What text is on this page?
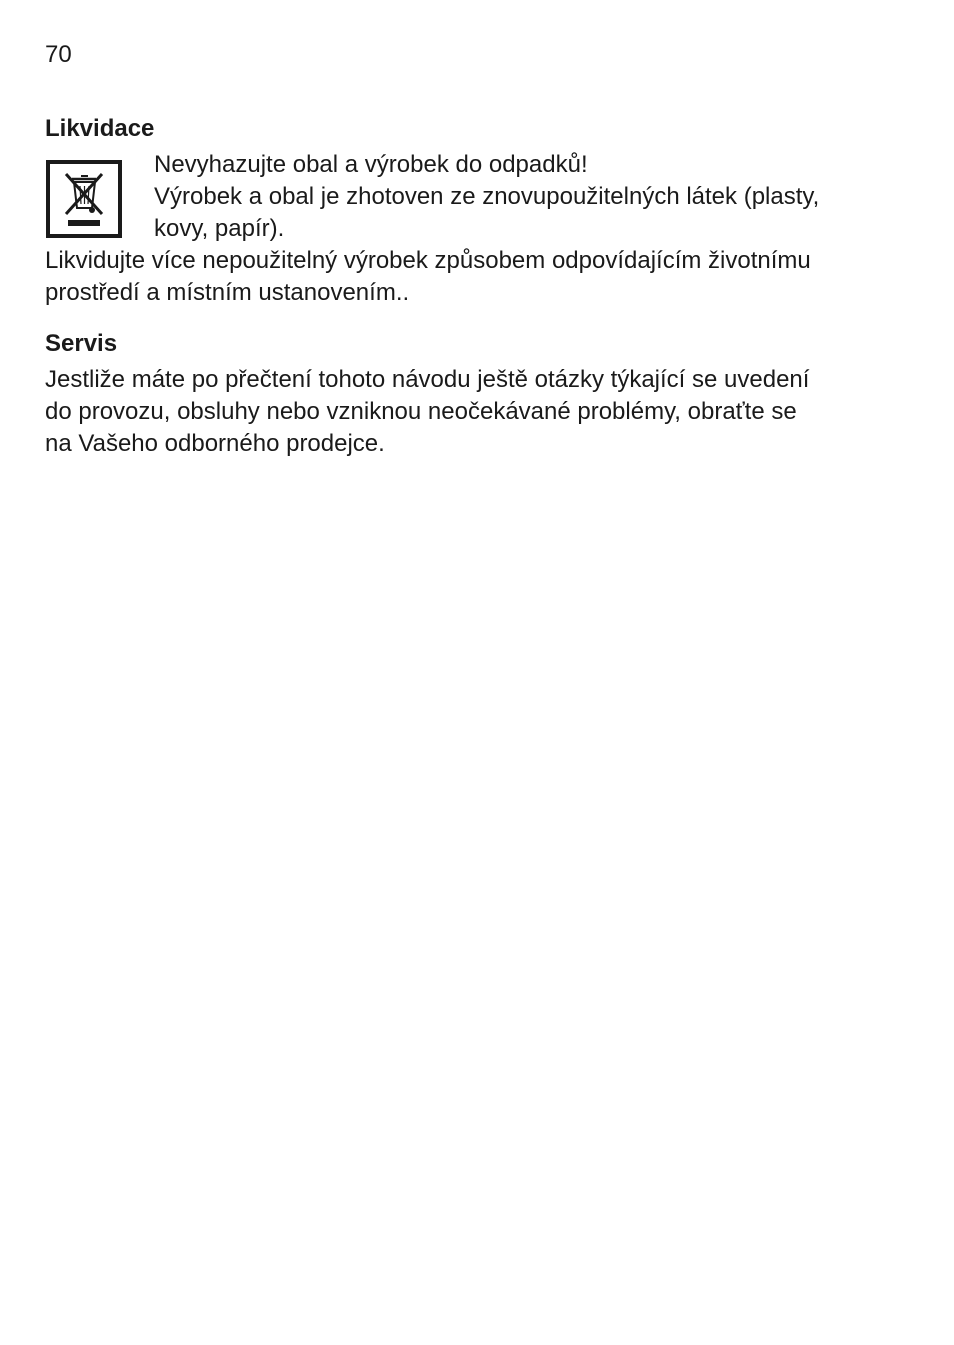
70
Likvidace

Nevyhazujte obal a výrobek do odpadků!

Výrobek a obal je zhotoven ze znovupoužitelných látek (plasty,

kovy, papír).

Likvidujte více nepoužitelný výrobek způsobem odpovídajícím životnímu

prostředí a místním ustanovením..

Servis

Jestliže máte po přečtení tohoto návodu ještě otázky týkající se uvedení

do provozu, obsluhy nebo vzniknou neočekávané problémy, obraťte se

na Vašeho odborného prodejce.
